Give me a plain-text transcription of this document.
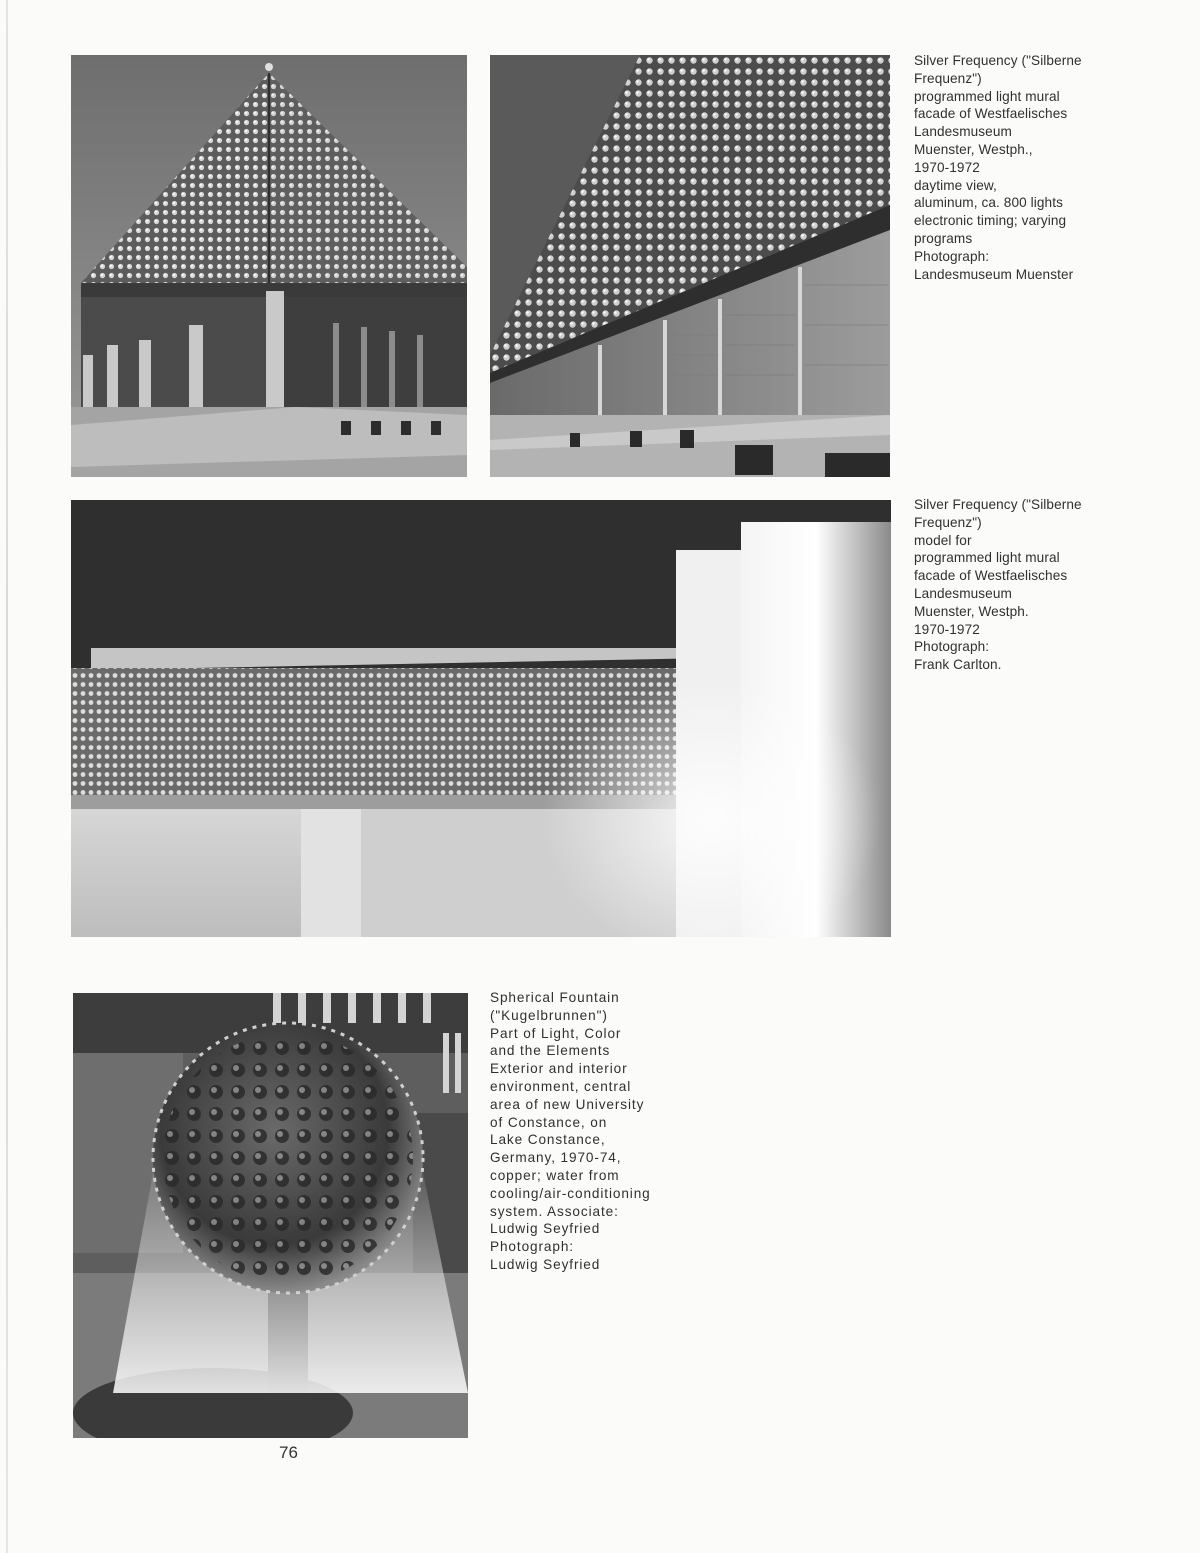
Silver Frequency ("Silberne
Frequenz")
programmed light mural
facade of Westfaelisches
Landesmuseum
Muenster, Westph.,
1970-1972
daytime view,
aluminum, ca. 800 lights
electronic timing; varying
programs
Photograph:
Landesmuseum Muenster
Silver Frequency ("Silberne
Frequenz")
model for
programmed light mural
facade of Westfaelisches
Landesmuseum
Muenster, Westph.
1970-1972
Photograph:
Frank Carlton.
Spherical Fountain
("Kugelbrunnen")
Part of Light, Color
and the Elements
Exterior and interior
environment, central
area of new University
of Constance, on
Lake Constance,
Germany, 1970-74,
copper; water from
cooling/air-conditioning
system. Associate:
Ludwig Seyfried
Photograph:
Ludwig Seyfried
76
